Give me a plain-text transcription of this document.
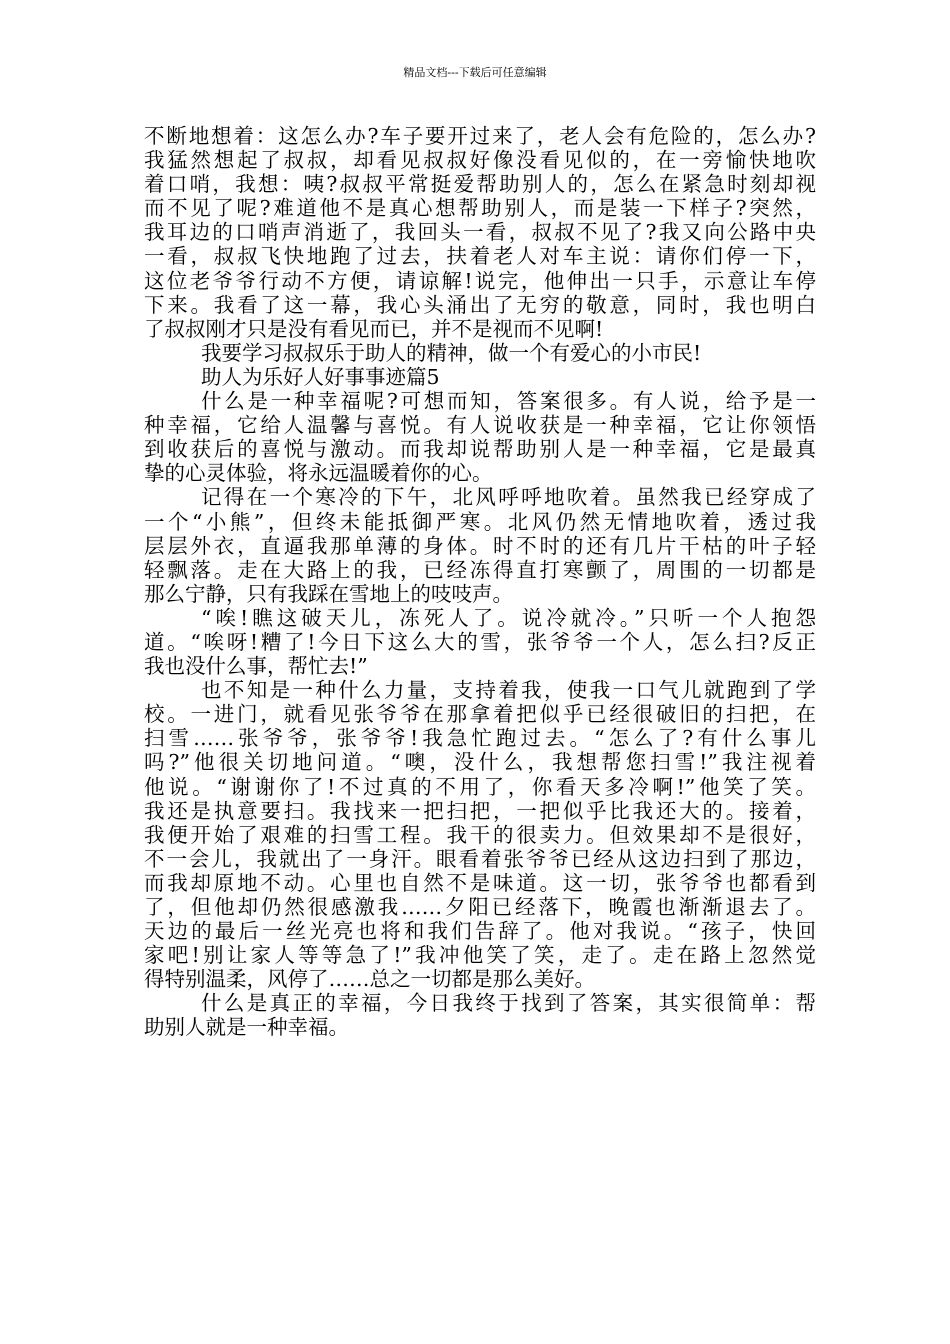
精品文档---下载后可任意编辑
不断地想着：这怎么办?车子要开过来了，老人会有危险的，怎么办?
我猛然想起了叔叔，却看见叔叔好像没看见似的，在一旁愉快地吹
着口哨，我想：咦?叔叔平常挺爱帮助别人的，怎么在紧急时刻却视
而不见了呢?难道他不是真心想帮助别人，而是装一下样子?突然，
我耳边的口哨声消逝了，我回头一看，叔叔不见了?我又向公路中央
一看，叔叔飞快地跑了过去，扶着老人对车主说：请你们停一下，
这位老爷爷行动不方便，请谅解!说完，他伸出一只手，示意让车停
下来。我看了这一幕，我心头涌出了无穷的敬意，同时，我也明白
了叔叔刚才只是没有看见而已，并不是视而不见啊!
我要学习叔叔乐于助人的精神，做一个有爱心的小市民!
助人为乐好人好事事迹篇5
什么是一种幸福呢?可想而知，答案很多。有人说，给予是一
种幸福，它给人温馨与喜悦。有人说收获是一种幸福，它让你领悟
到收获后的喜悦与激动。而我却说帮助别人是一种幸福，它是最真
挚的心灵体验，将永远温暖着你的心。
记得在一个寒冷的下午，北风呼呼地吹着。虽然我已经穿成了
一个“小熊”，但终未能抵御严寒。北风仍然无情地吹着，透过我
层层外衣，直逼我那单薄的身体。时不时的还有几片干枯的叶子轻
轻飘落。走在大路上的我，已经冻得直打寒颤了，周围的一切都是
那么宁静，只有我踩在雪地上的吱吱声。
“唉!瞧这破天儿，冻死人了。说冷就冷。”只听一个人抱怨
道。“唉呀!糟了!今日下这么大的雪，张爷爷一个人，怎么扫?反正
我也没什么事，帮忙去!”
也不知是一种什么力量，支持着我，使我一口气儿就跑到了学
校。一进门，就看见张爷爷在那拿着把似乎已经很破旧的扫把，在
扫雪……张爷爷，张爷爷!我急忙跑过去。“怎么了?有什么事儿
吗?”他很关切地问道。“噢，没什么，我想帮您扫雪!”我注视着
他说。“谢谢你了!不过真的不用了，你看天多冷啊!”他笑了笑。
我还是执意要扫。我找来一把扫把，一把似乎比我还大的。接着，
我便开始了艰难的扫雪工程。我干的很卖力。但效果却不是很好，
不一会儿，我就出了一身汗。眼看着张爷爷已经从这边扫到了那边，
而我却原地不动。心里也自然不是味道。这一切，张爷爷也都看到
了，但他却仍然很感激我……夕阳已经落下，晚霞也渐渐退去了。
天边的最后一丝光亮也将和我们告辞了。他对我说。“孩子，快回
家吧!别让家人等等急了!”我冲他笑了笑，走了。走在路上忽然觉
得特别温柔，风停了……总之一切都是那么美好。
什么是真正的幸福，今日我终于找到了答案，其实很简单：帮
助别人就是一种幸福。
